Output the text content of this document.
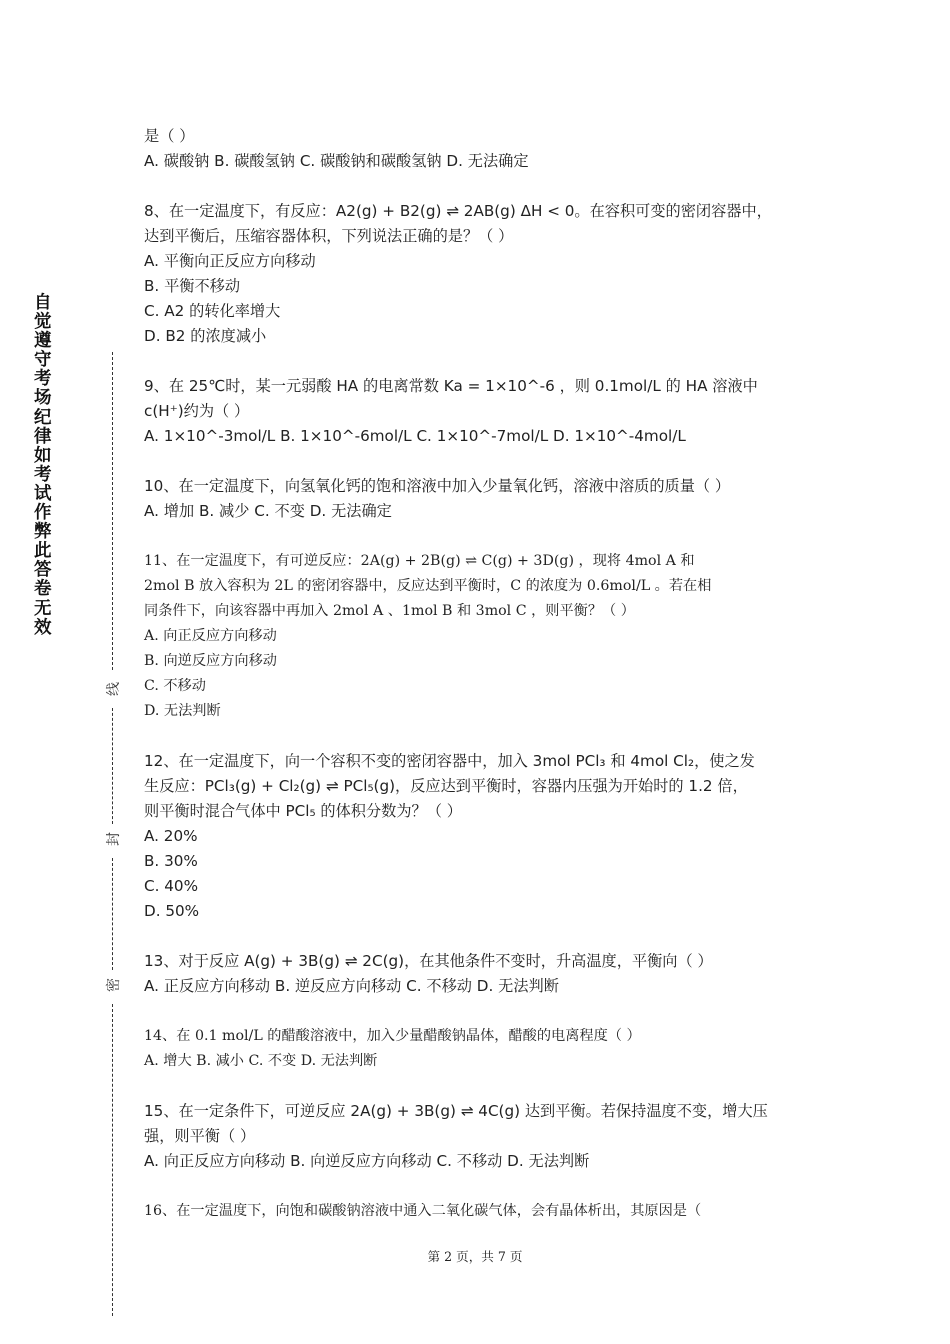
自觉遵守考场纪律如考试作弊此答卷无效
线
封
密
是（ ）
A. 碳酸钠 B. 碳酸氢钠 C. 碳酸钠和碳酸氢钠 D. 无法确定
8、在一定温度下，有反应：A2(g) + B2(g) ⇌ 2AB(g) ΔH < 0。在容积可变的密闭容器中，
达到平衡后，压缩容器体积，下列说法正确的是？（ ）
A. 平衡向正反应方向移动
B. 平衡不移动
C. A2 的转化率增大
D. B2 的浓度减小
9、在 25℃时，某一元弱酸 HA 的电离常数 Ka = 1×10^-6 ，则 0.1mol/L 的 HA 溶液中
c(H⁺)约为（ ）
A. 1×10^-3mol/L B. 1×10^-6mol/L C. 1×10^-7mol/L D. 1×10^-4mol/L
10、在一定温度下，向氢氧化钙的饱和溶液中加入少量氧化钙，溶液中溶质的质量（ ）
A. 增加 B. 减少 C. 不变 D. 无法确定
11、在一定温度下，有可逆反应：2A(g) + 2B(g) ⇌ C(g) + 3D(g) ，现将 4mol A 和
2mol B 放入容积为 2L 的密闭容器中，反应达到平衡时，C 的浓度为 0.6mol/L 。若在相
同条件下，向该容器中再加入 2mol A 、1mol B 和 3mol C ，则平衡？（ ）
A. 向正反应方向移动
B. 向逆反应方向移动
C. 不移动
D. 无法判断
12、在一定温度下，向一个容积不变的密闭容器中，加入 3mol PCl₃ 和 4mol Cl₂，使之发
生反应：PCl₃(g) + Cl₂(g) ⇌ PCl₅(g)，反应达到平衡时，容器内压强为开始时的 1.2 倍，
则平衡时混合气体中 PCl₅ 的体积分数为？（ ）
A. 20%
B. 30%
C. 40%
D. 50%
13、对于反应 A(g) + 3B(g) ⇌ 2C(g)，在其他条件不变时，升高温度，平衡向（ ）
A. 正反应方向移动 B. 逆反应方向移动 C. 不移动 D. 无法判断
14、在 0.1 mol/L 的醋酸溶液中，加入少量醋酸钠晶体，醋酸的电离程度（ ）
A. 增大 B. 减小 C. 不变 D. 无法判断
15、在一定条件下，可逆反应 2A(g) + 3B(g) ⇌ 4C(g) 达到平衡。若保持温度不变，增大压
强，则平衡（ ）
A. 向正反应方向移动 B. 向逆反应方向移动 C. 不移动 D. 无法判断
16、在一定温度下，向饱和碳酸钠溶液中通入二氧化碳气体，会有晶体析出，其原因是（
第 2 页，共 7 页
